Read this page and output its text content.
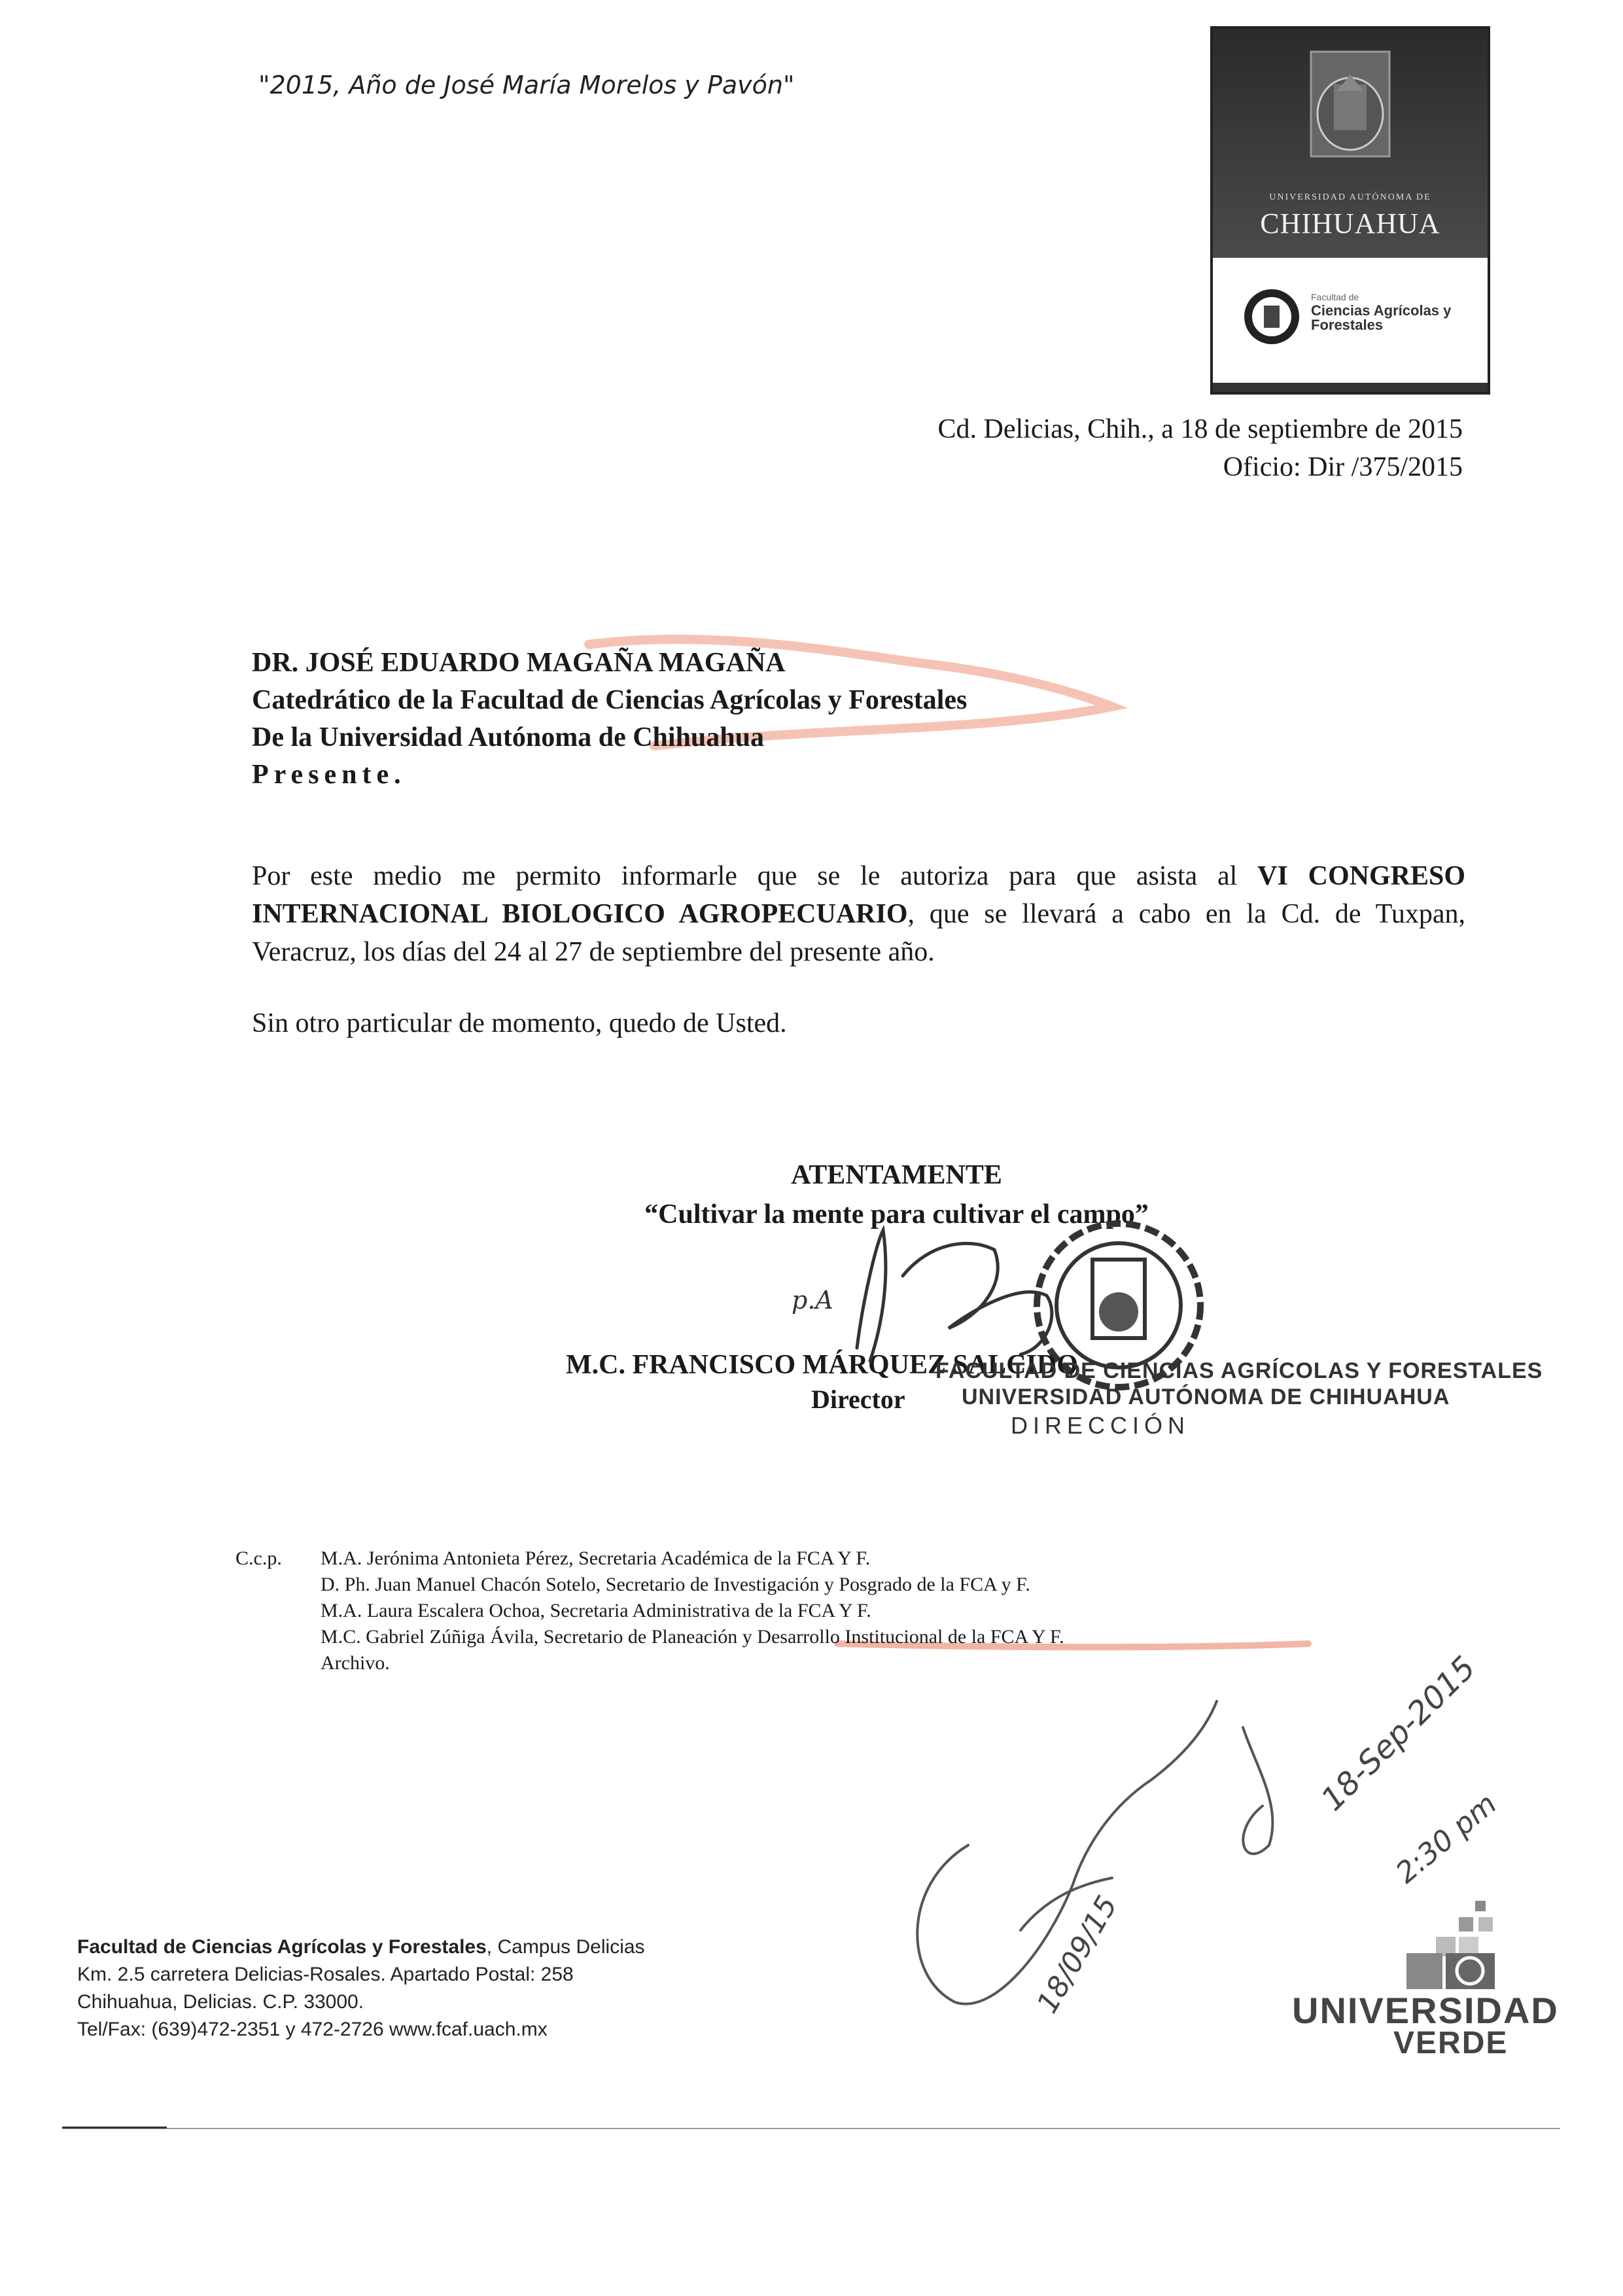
"2015, Año de José María Morelos y Pavón"
UNIVERSIDAD AUTÓNOMA DE
CHIHUAHUA
Facultad de
Ciencias Agrícolas y Forestales
Cd. Delicias, Chih., a 18 de septiembre de 2015
Oficio: Dir /375/2015
DR. JOSÉ EDUARDO MAGAÑA MAGAÑA
Catedrático de la Facultad de Ciencias Agrícolas y Forestales
De la Universidad Autónoma de Chihuahua
Presente.
Por este medio me permito informarle que se le autoriza para que asista al VI CONGRESO INTERNACIONAL BIOLOGICO AGROPECUARIO, que se llevará a cabo en la Cd. de Tuxpan, Veracruz, los días del 24 al 27 de septiembre del presente año.
Sin otro particular de momento, quedo de Usted.
ATENTAMENTE
“Cultivar la mente para cultivar el campo”
M.C. FRANCISCO MÁRQUEZ SALCIDO
Director
FACULTAD DE CIENCIAS AGRÍCOLAS Y FORESTALES
UNIVERSIDAD AUTÓNOMA DE CHIHUAHUA
DIRECCIÓN
p.A
C.c.p. M.A. Jerónima Antonieta Pérez, Secretaria Académica de la FCA Y F.
D. Ph. Juan Manuel Chacón Sotelo, Secretario de Investigación y Posgrado de la FCA y F.
M.A. Laura Escalera Ochoa, Secretaria Administrativa de la FCA Y F.
M.C. Gabriel Zúñiga Ávila, Secretario de Planeación y Desarrollo Institucional de la FCA Y F.
Archivo.
18/09/15
18-Sep-2015
2:30 pm
Facultad de Ciencias Agrícolas y Forestales, Campus Delicias
Km. 2.5 carretera Delicias-Rosales. Apartado Postal: 258
Chihuahua, Delicias. C.P. 33000.
Tel/Fax: (639)472-2351 y 472-2726 www.fcaf.uach.mx	UNIVERSIDAD
VERDE
